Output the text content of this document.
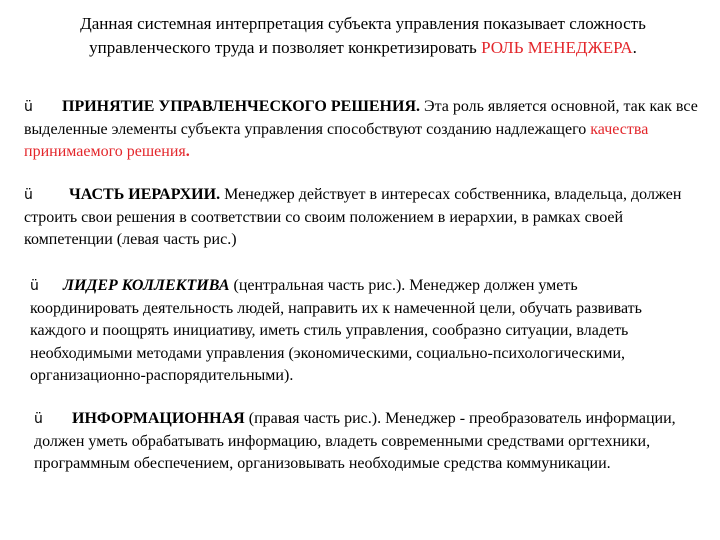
Данная системная интерпретация субъекта управления показывает сложность управленческого труда и позволяет конкретизировать РОЛЬ МЕНЕДЖЕРА.

ü ПРИНЯТИЕ УПРАВЛЕНЧЕСКОГО РЕШЕНИЯ. Эта роль является основной, так как все выделенные элементы субъекта управления способствуют созданию надлежащего качества принимаемого решения.

ü ЧАСТЬ ИЕРАРХИИ. Менеджер действует в интересах собственника, владельца, должен строить свои решения в соответствии со своим положением в иерархии, в рамках своей компетенции (левая часть рис.)

ü ЛИДЕР КОЛЛЕКТИВА (центральная часть рис.). Менеджер должен уметь координировать деятельность людей, направить их к намеченной цели, обучать развивать каждого и поощрять инициативу, иметь стиль управления, сообразно ситуации, владеть необходимыми методами управления (экономическими, социально-психологическими, организационно-распорядительными).

ü ИНФОРМАЦИОННАЯ (правая часть рис.). Менеджер - преобразователь информации, должен уметь обрабатывать информацию, владеть современными средствами оргтехники, программным обеспечением, организовывать необходимые средства коммуникации.
